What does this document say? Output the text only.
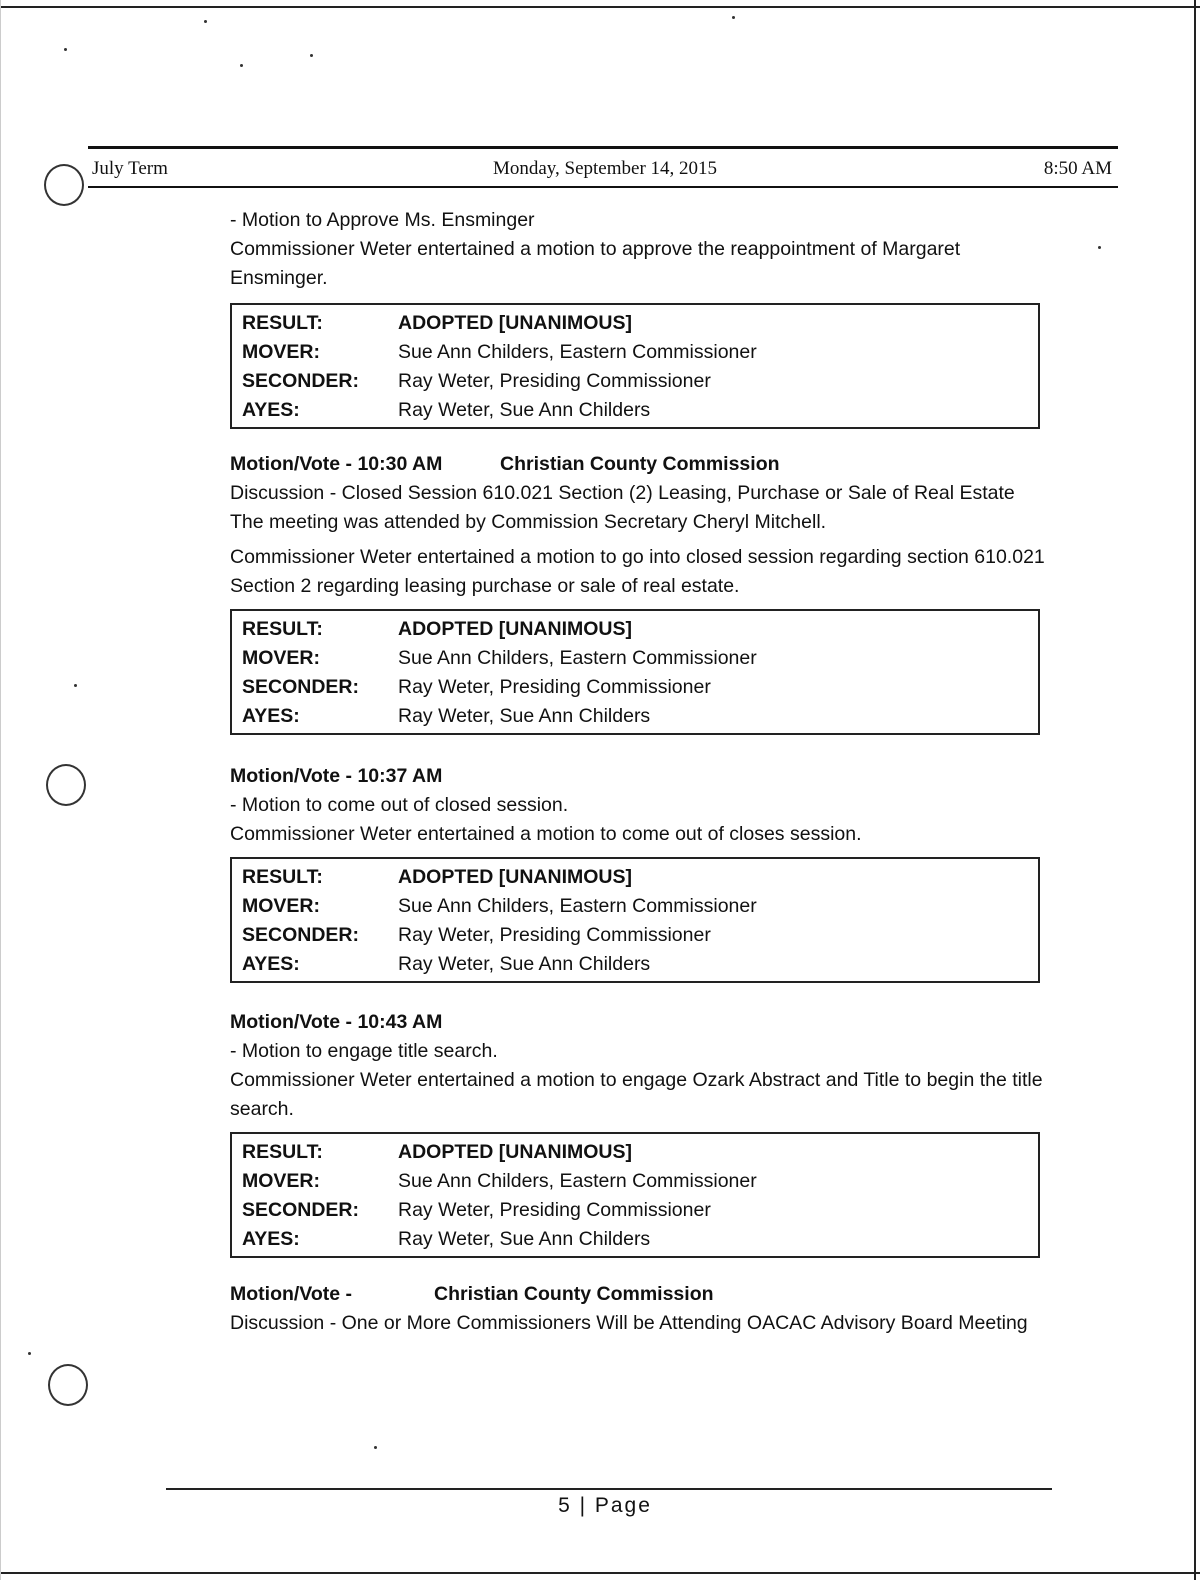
July Term	Monday, September 14, 2015	8:50 AM

- Motion to Approve Ms. Ensminger

Commissioner Weter entertained a motion to approve the reappointment of Margaret Ensminger.

RESULT:	ADOPTED [UNANIMOUS]
MOVER:	Sue Ann Childers, Eastern Commissioner
SECONDER:	Ray Weter, Presiding Commissioner
AYES:	Ray Weter, Sue Ann Childers
Motion/Vote - 10:30 AM	Christian County Commission

Discussion - Closed Session 610.021 Section (2) Leasing, Purchase or Sale of Real Estate

The meeting was attended by Commission Secretary Cheryl Mitchell.

Commissioner Weter entertained a motion to go into closed session regarding section 610.021 Section 2 regarding leasing purchase or sale of real estate.

RESULT:	ADOPTED [UNANIMOUS]
MOVER:	Sue Ann Childers, Eastern Commissioner
SECONDER:	Ray Weter, Presiding Commissioner
AYES:	Ray Weter, Sue Ann Childers
Motion/Vote - 10:37 AM

- Motion to come out of closed session.

Commissioner Weter entertained a motion to come out of closes session.

RESULT:	ADOPTED [UNANIMOUS]
MOVER:	Sue Ann Childers, Eastern Commissioner
SECONDER:	Ray Weter, Presiding Commissioner
AYES:	Ray Weter, Sue Ann Childers
Motion/Vote - 10:43 AM

- Motion to engage title search.

Commissioner Weter entertained a motion to engage Ozark Abstract and Title to begin the title search.

RESULT:	ADOPTED [UNANIMOUS]
MOVER:	Sue Ann Childers, Eastern Commissioner
SECONDER:	Ray Weter, Presiding Commissioner
AYES:	Ray Weter, Sue Ann Childers
Motion/Vote -	Christian County Commission

Discussion - One or More Commissioners Will be Attending OACAC Advisory Board Meeting

5 | Page
